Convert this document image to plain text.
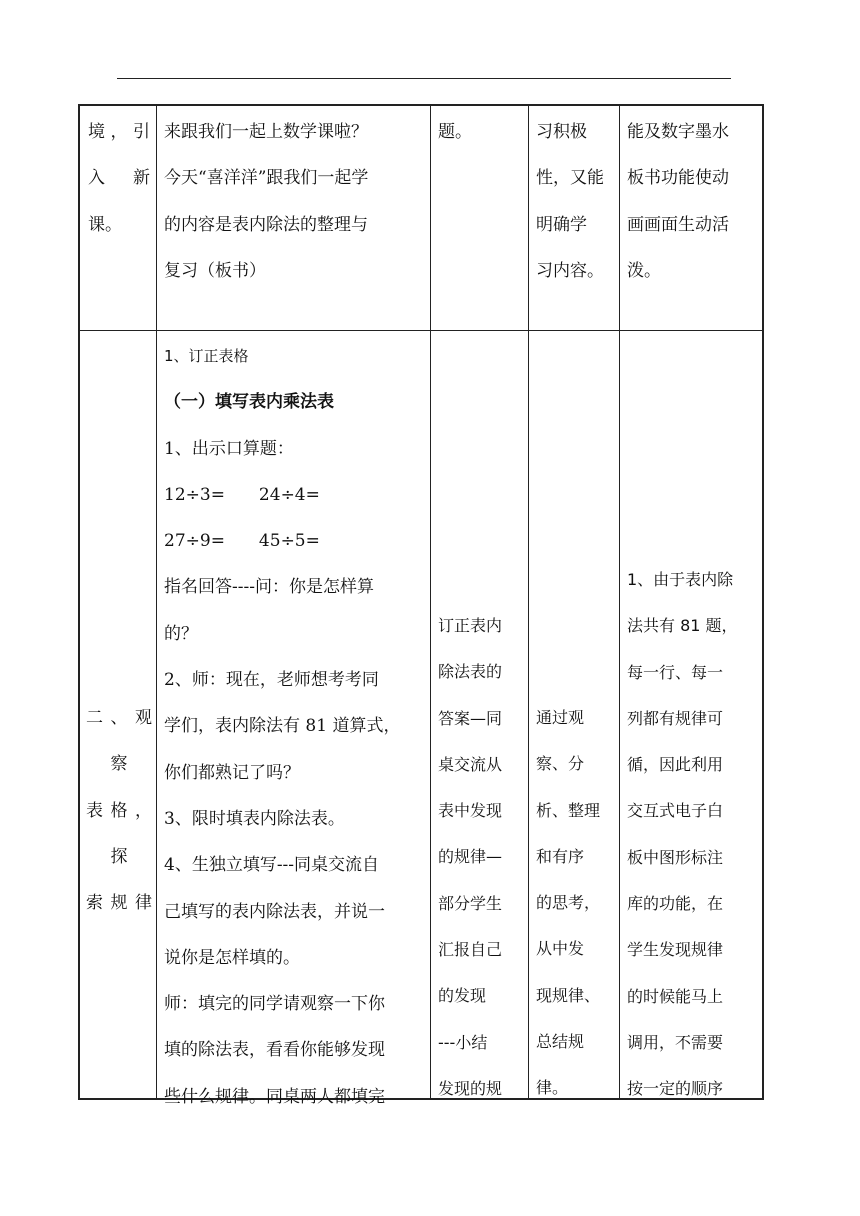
境，引
入　新
课。
来跟我们一起上数学课啦？
今天“喜洋洋”跟我们一起学
的内容是表内除法的整理与
复习（板书）
题。	习积极
性，又能
明确学
习内容。
能及数字墨水
板书功能使动
画画面生动活
泼。
二、观
察
表格，
探
索规律
1、订正表格
（一）填写表内乘法表
1、出示口算题：
12÷3=　　24÷4=
27÷9=　　45÷5=
指名回答----问：你是怎样算
的？
2、师：现在，老师想考考同
学们，表内除法有 81 道算式，
你们都熟记了吗？
3、限时填表内除法表。
4、生独立填写---同桌交流自
己填写的表内除法表，并说一
说你是怎样填的。
师：填完的同学请观察一下你
填的除法表，看看你能够发现
些什么规律。同桌两人都填完
订正表内
除法表的
答案—同
桌交流从
表中发现
的规律—
部分学生
汇报自己
的发现
---小结
发现的规
通过观
察、分
析、整理
和有序
的思考，
从中发
现规律、
总结规
律。
1、由于表内除
法共有 81 题，
每一行、每一
列都有规律可
循，因此利用
交互式电子白
板中图形标注
库的功能，在
学生发现规律
的时候能马上
调用，不需要
按一定的顺序
